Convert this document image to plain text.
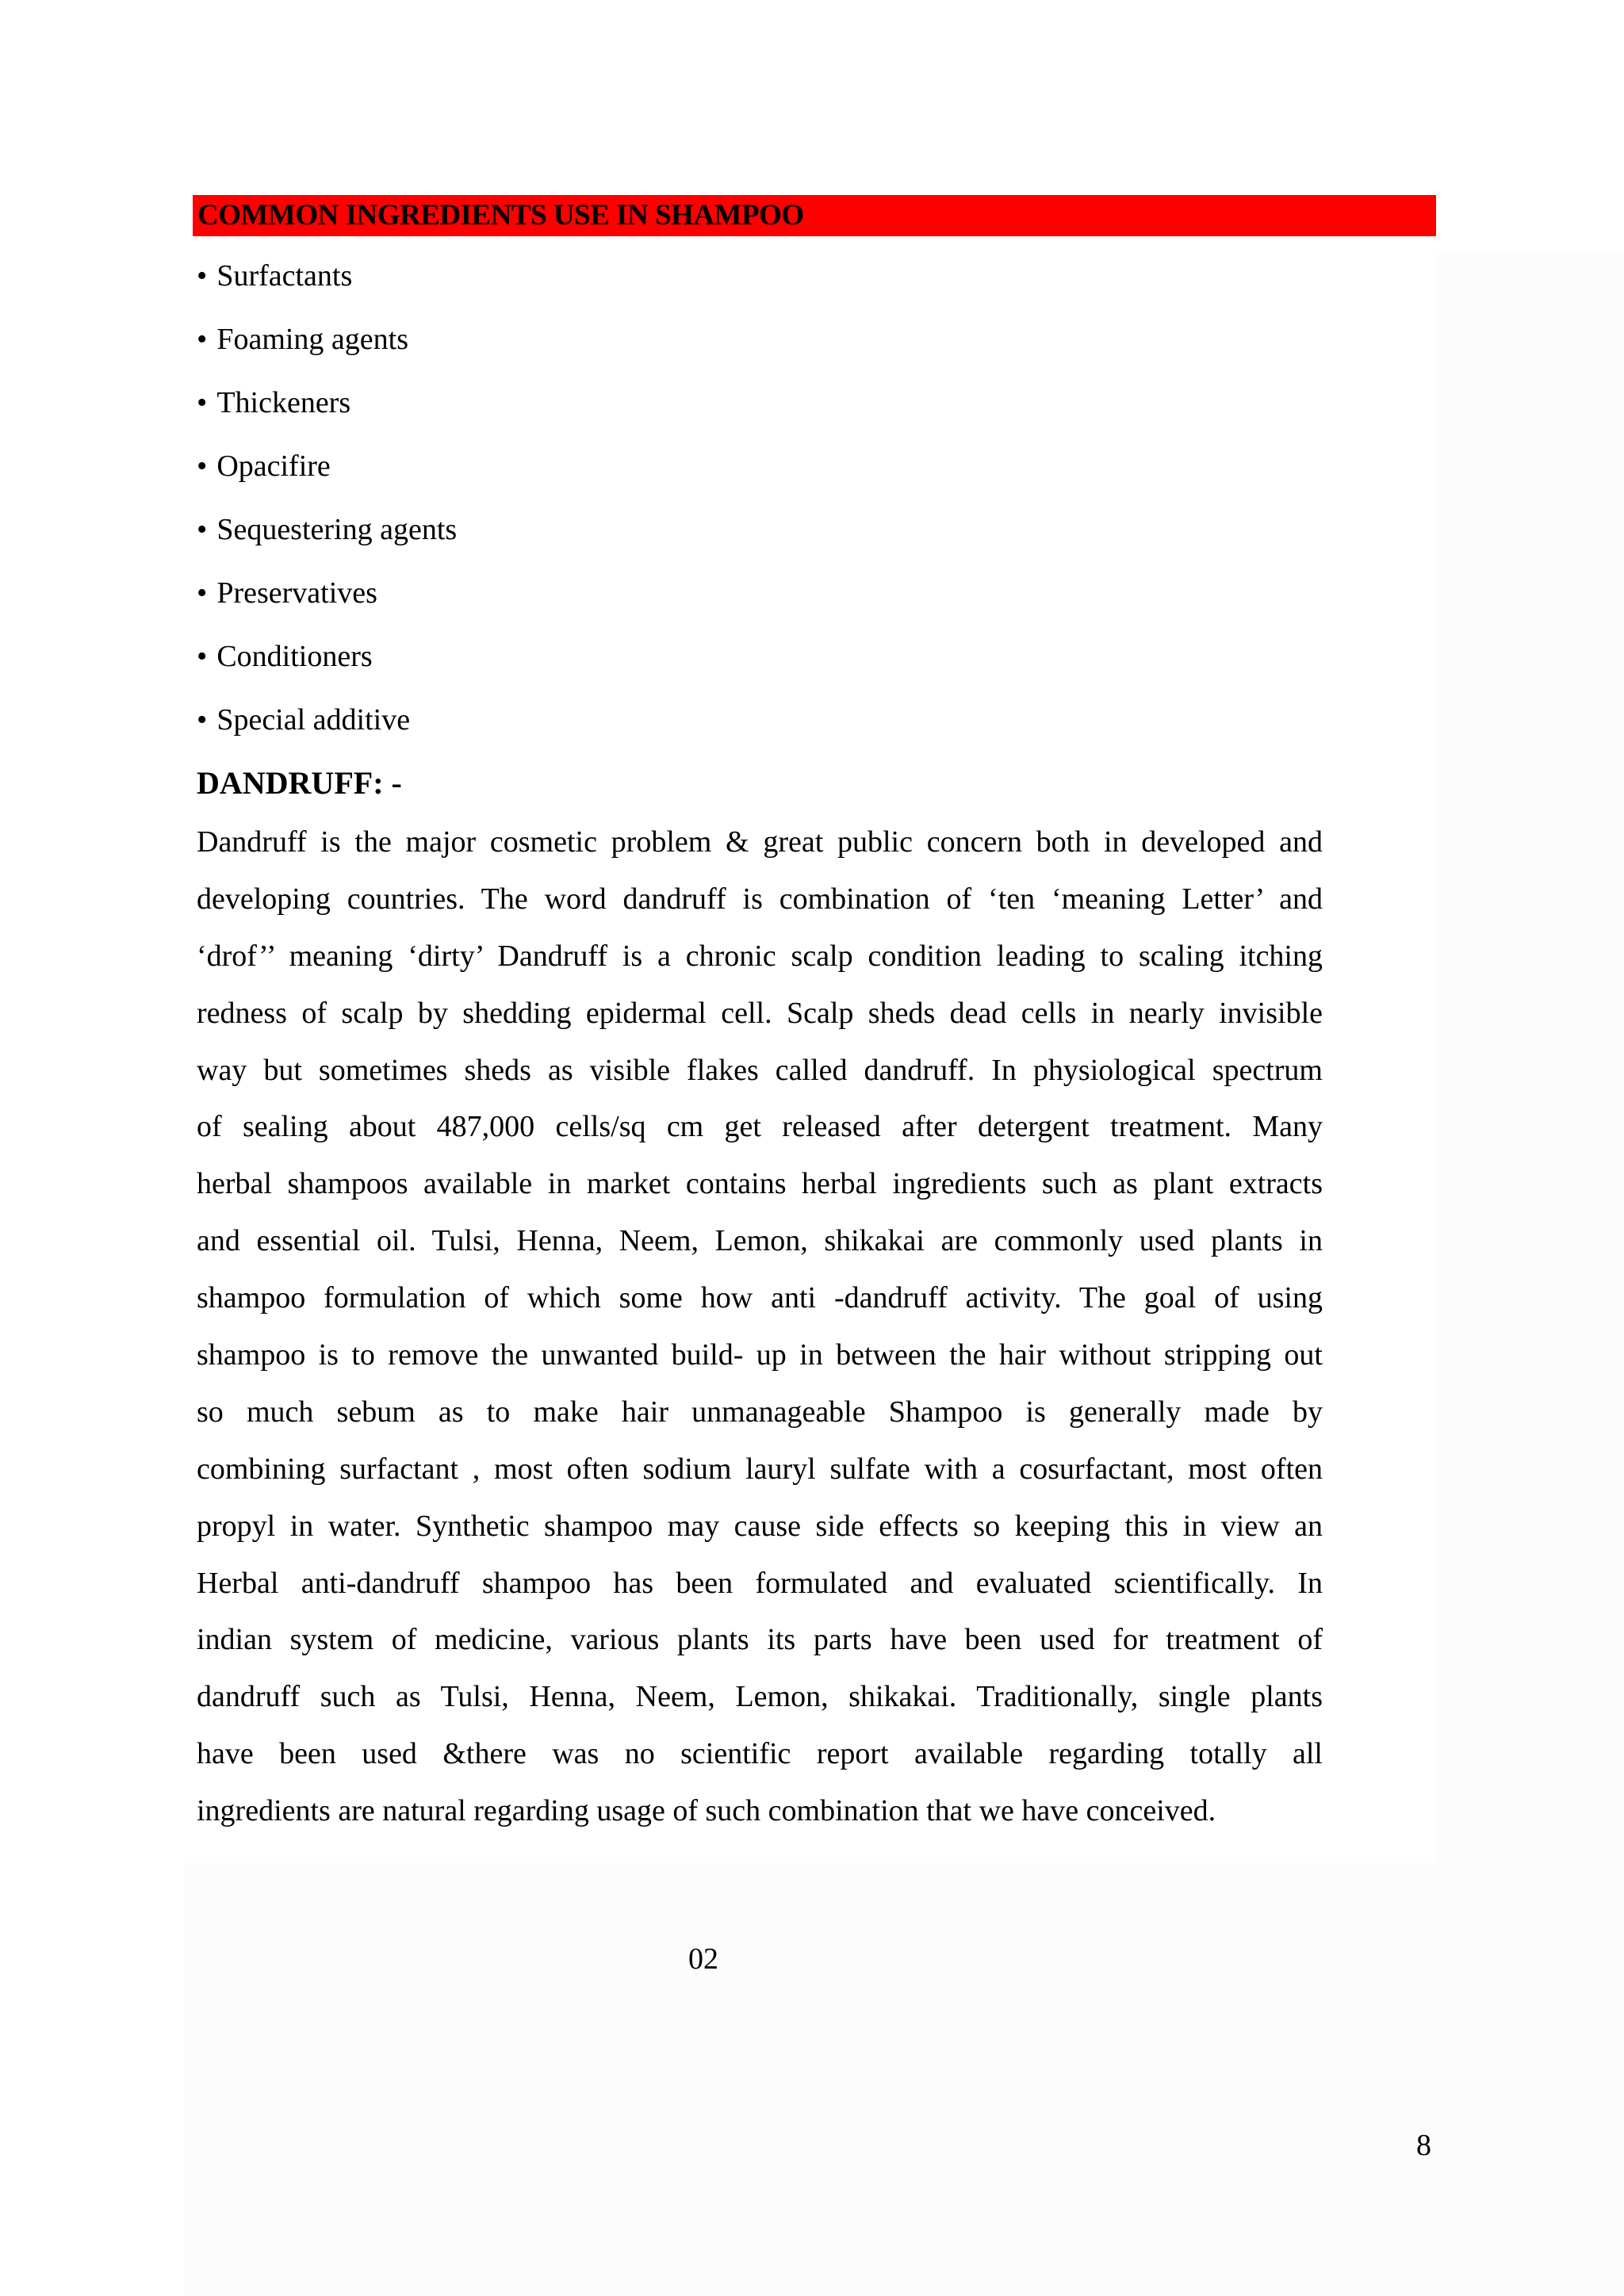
COMMON INGREDIENTS USE IN SHAMPOO
• Surfactants
• Foaming agents
• Thickeners
• Opacifire
• Sequestering agents
• Preservatives
• Conditioners
• Special additive
DANDRUFF: -
Dandruff is the major cosmetic problem & great public concern both in developed and
developing countries. The word dandruff is combination of ‘ten ‘meaning Letter’ and
‘drof’’ meaning ‘dirty’ Dandruff is a chronic scalp condition leading to scaling itching
redness of scalp by shedding epidermal cell. Scalp sheds dead cells in nearly invisible
way but sometimes sheds as visible flakes called dandruff. In physiological spectrum
of sealing about 487,000 cells/sq cm get released after detergent treatment. Many
herbal shampoos available in market contains herbal ingredients such as plant extracts
and essential oil. Tulsi, Henna, Neem, Lemon, shikakai are commonly used plants in
shampoo formulation of which some how anti -dandruff activity. The goal of using
shampoo is to remove the unwanted build- up in between the hair without stripping out
so much sebum as to make hair unmanageable Shampoo is generally made by
combining surfactant , most often sodium lauryl sulfate with a cosurfactant, most often
propyl in water. Synthetic shampoo may cause side effects so keeping this in view an
Herbal anti-dandruff shampoo has been formulated and evaluated scientifically. In
indian system of medicine, various plants its parts have been used for treatment of
dandruff such as Tulsi, Henna, Neem, Lemon, shikakai. Traditionally, single plants
have been used &there was no scientific report available regarding totally all
ingredients are natural regarding usage of such combination that we have conceived.
02
8
